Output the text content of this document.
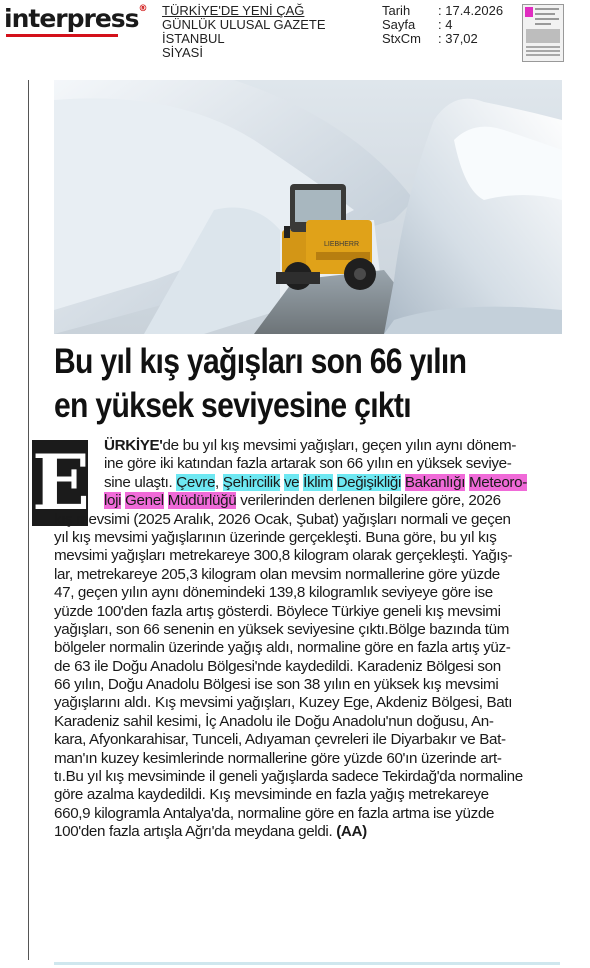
interpress® TÜRKİYE'DE YENİ ÇAĞ
GÜNLÜK ULUSAL GAZETE
İSTANBUL
SİYASİ
Tarih : 17.4.2026
Sayfa : 4
StxCm : 37,02
LIEBHERR
Bu yıl kış yağışları son 66 yılın
en yüksek seviyesine çıktı
E ÜRKİYE'de bu yıl kış mevsimi yağışları, geçen yılın aynı dönem-
ine göre iki katından fazla artarak son 66 yılın en yüksek seviye-
sine ulaştı. Çevre, Şehircilik ve İklim Değişikliği Bakanlığı Meteoro-
loji Genel Müdürlüğü verilerinden derlenen bilgilere göre, 2026
kış mevsimi (2025 Aralık, 2026 Ocak, Şubat) yağışları normali ve geçen
yıl kış mevsimi yağışlarının üzerinde gerçekleşti. Buna göre, bu yıl kış
mevsimi yağışları metrekareye 300,8 kilogram olarak gerçekleşti. Yağış-
lar, metrekareye 205,3 kilogram olan mevsim normallerine göre yüzde
47, geçen yılın aynı dönemindeki 139,8 kilogramlık seviyeye göre ise
yüzde 100'den fazla artış gösterdi. Böylece Türkiye geneli kış mevsimi
yağışları, son 66 senenin en yüksek seviyesine çıktı.Bölge bazında tüm
bölgeler normalin üzerinde yağış aldı, normaline göre en fazla artış yüz-
de 63 ile Doğu Anadolu Bölgesi'nde kaydedildi. Karadeniz Bölgesi son
66 yılın, Doğu Anadolu Bölgesi ise son 38 yılın en yüksek kış mevsimi
yağışlarını aldı. Kış mevsimi yağışları, Kuzey Ege, Akdeniz Bölgesi, Batı
Karadeniz sahil kesimi, İç Anadolu ile Doğu Anadolu'nun doğusu, An-
kara, Afyonkarahisar, Tunceli, Adıyaman çevreleri ile Diyarbakır ve Bat-
man'ın kuzey kesimlerinde normallerine göre yüzde 60'ın üzerinde art-
tı.Bu yıl kış mevsiminde il geneli yağışlarda sadece Tekirdağ'da normaline
göre azalma kaydedildi. Kış mevsiminde en fazla yağış metrekareye
660,9 kilogramla Antalya'da, normaline göre en fazla artma ise yüzde
100'den fazla artışla Ağrı'da meydana geldi. (AA)
